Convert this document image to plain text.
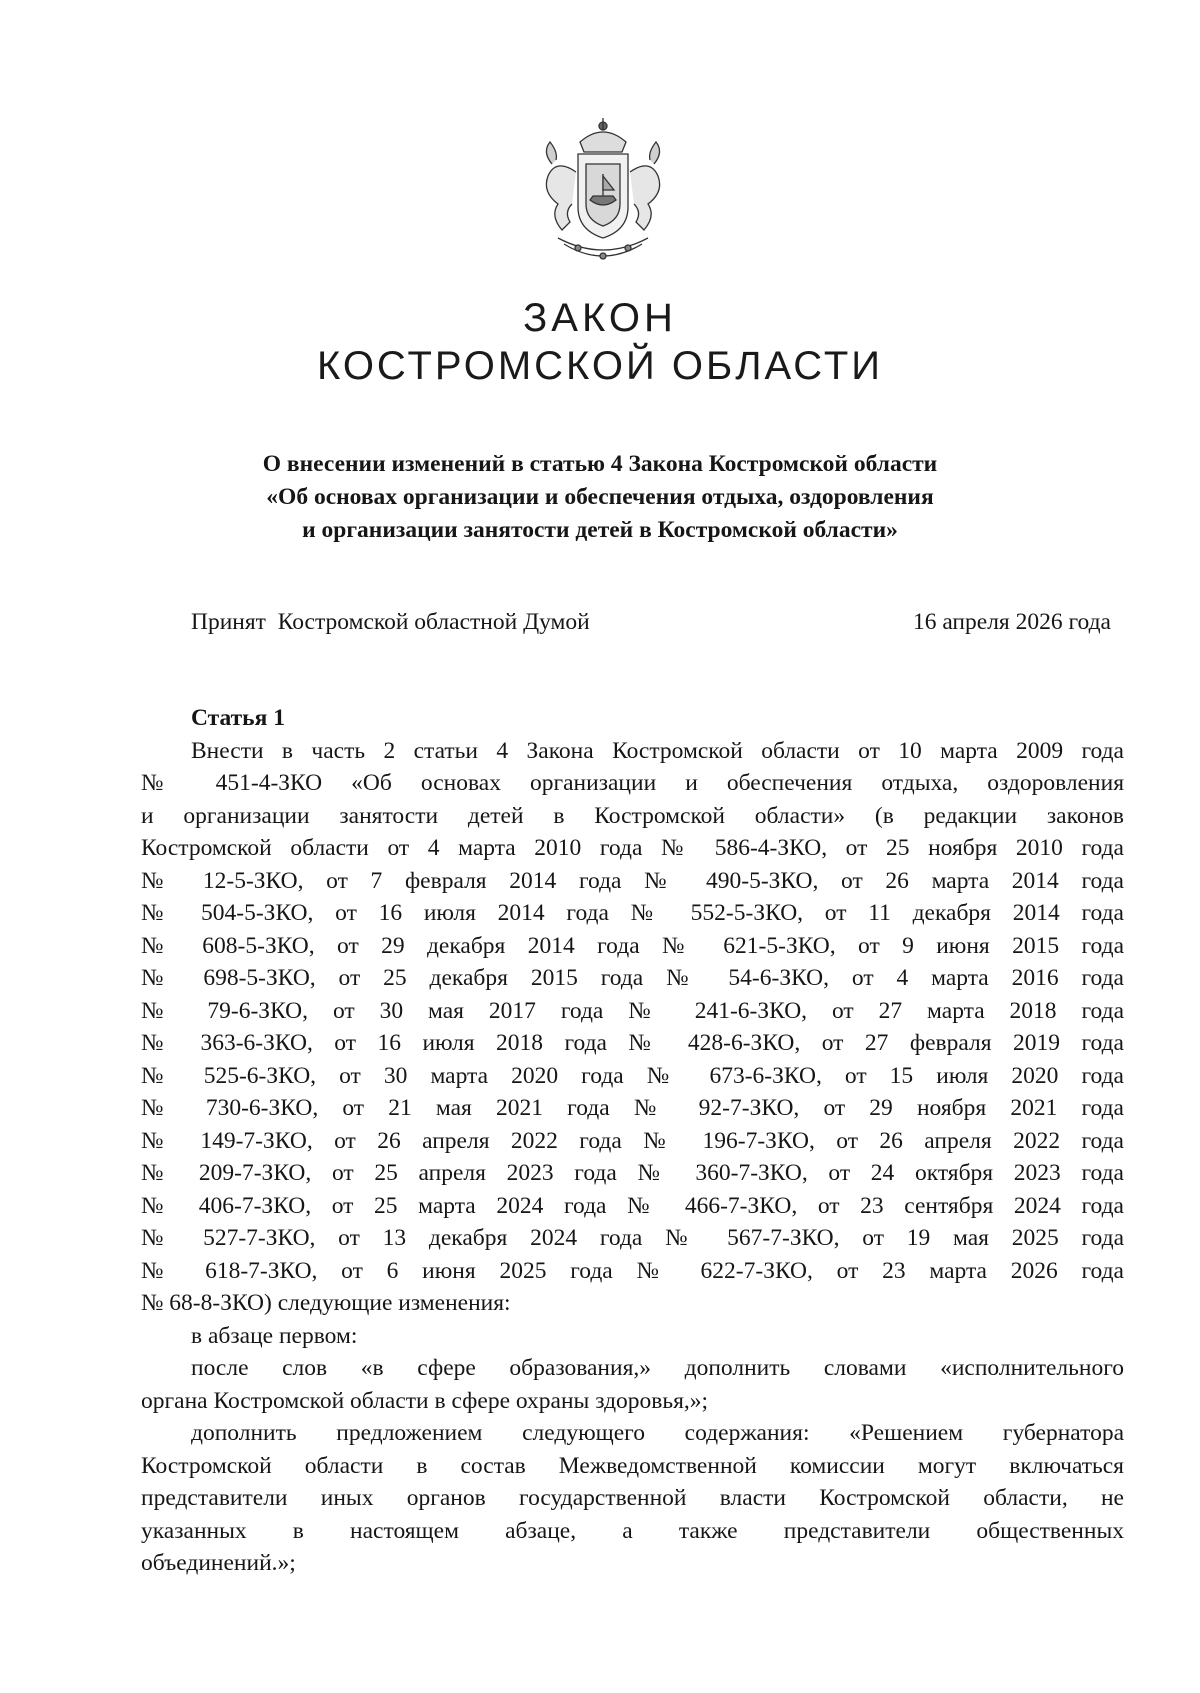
ЗАКОН
КОСТРОМСКОЙ ОБЛАСТИ
О внесении изменений в статью 4 Закона Костромской области
«Об основах организации и обеспечения отдыха, оздоровления
и организации занятости детей в Костромской области»
Принят  Костромской областной Думой	16 апреля 2026 года
Статья 1
Внести в часть 2 статьи 4 Закона Костромской области от 10 марта 2009 года
№ 451-4-ЗКО «Об основах организации и обеспечения отдыха, оздоровления
и организации занятости детей в Костромской области» (в редакции законов
Костромской области от 4 марта 2010 года № 586-4-ЗКО, от 25 ноября 2010 года
№ 12-5-ЗКО, от 7 февраля 2014 года № 490-5-ЗКО, от 26 марта 2014 года
№ 504-5-ЗКО, от 16 июля 2014 года № 552-5-ЗКО, от 11 декабря 2014 года
№ 608-5-ЗКО, от 29 декабря 2014 года № 621-5-ЗКО, от 9 июня 2015 года
№ 698-5-ЗКО, от 25 декабря 2015 года № 54-6-ЗКО, от 4 марта 2016 года
№ 79-6-ЗКО, от 30 мая 2017 года № 241-6-ЗКО, от 27 марта 2018 года
№ 363-6-ЗКО, от 16 июля 2018 года № 428-6-ЗКО, от 27 февраля 2019 года
№ 525-6-ЗКО, от 30 марта 2020 года № 673-6-ЗКО, от 15 июля 2020 года
№ 730-6-ЗКО, от 21 мая 2021 года № 92-7-ЗКО, от 29 ноября 2021 года
№ 149-7-ЗКО, от 26 апреля 2022 года № 196-7-ЗКО, от 26 апреля 2022 года
№ 209-7-ЗКО, от 25 апреля 2023 года № 360-7-ЗКО, от 24 октября 2023 года
№ 406-7-ЗКО, от 25 марта 2024 года № 466-7-ЗКО, от 23 сентября 2024 года
№ 527-7-ЗКО, от 13 декабря 2024 года № 567-7-ЗКО, от 19 мая 2025 года
№ 618-7-ЗКО, от 6 июня 2025 года № 622-7-ЗКО, от 23 марта 2026 года
№ 68-8-ЗКО) следующие изменения:
в абзаце первом:
после слов «в сфере образования,» дополнить словами «исполнительного
органа Костромской области в сфере охраны здоровья,»;
дополнить предложением следующего содержания: «Решением губернатора
Костромской области в состав Межведомственной комиссии могут включаться
представители иных органов государственной власти Костромской области, не
указанных в настоящем абзаце, а также представители общественных
объединений.»;
